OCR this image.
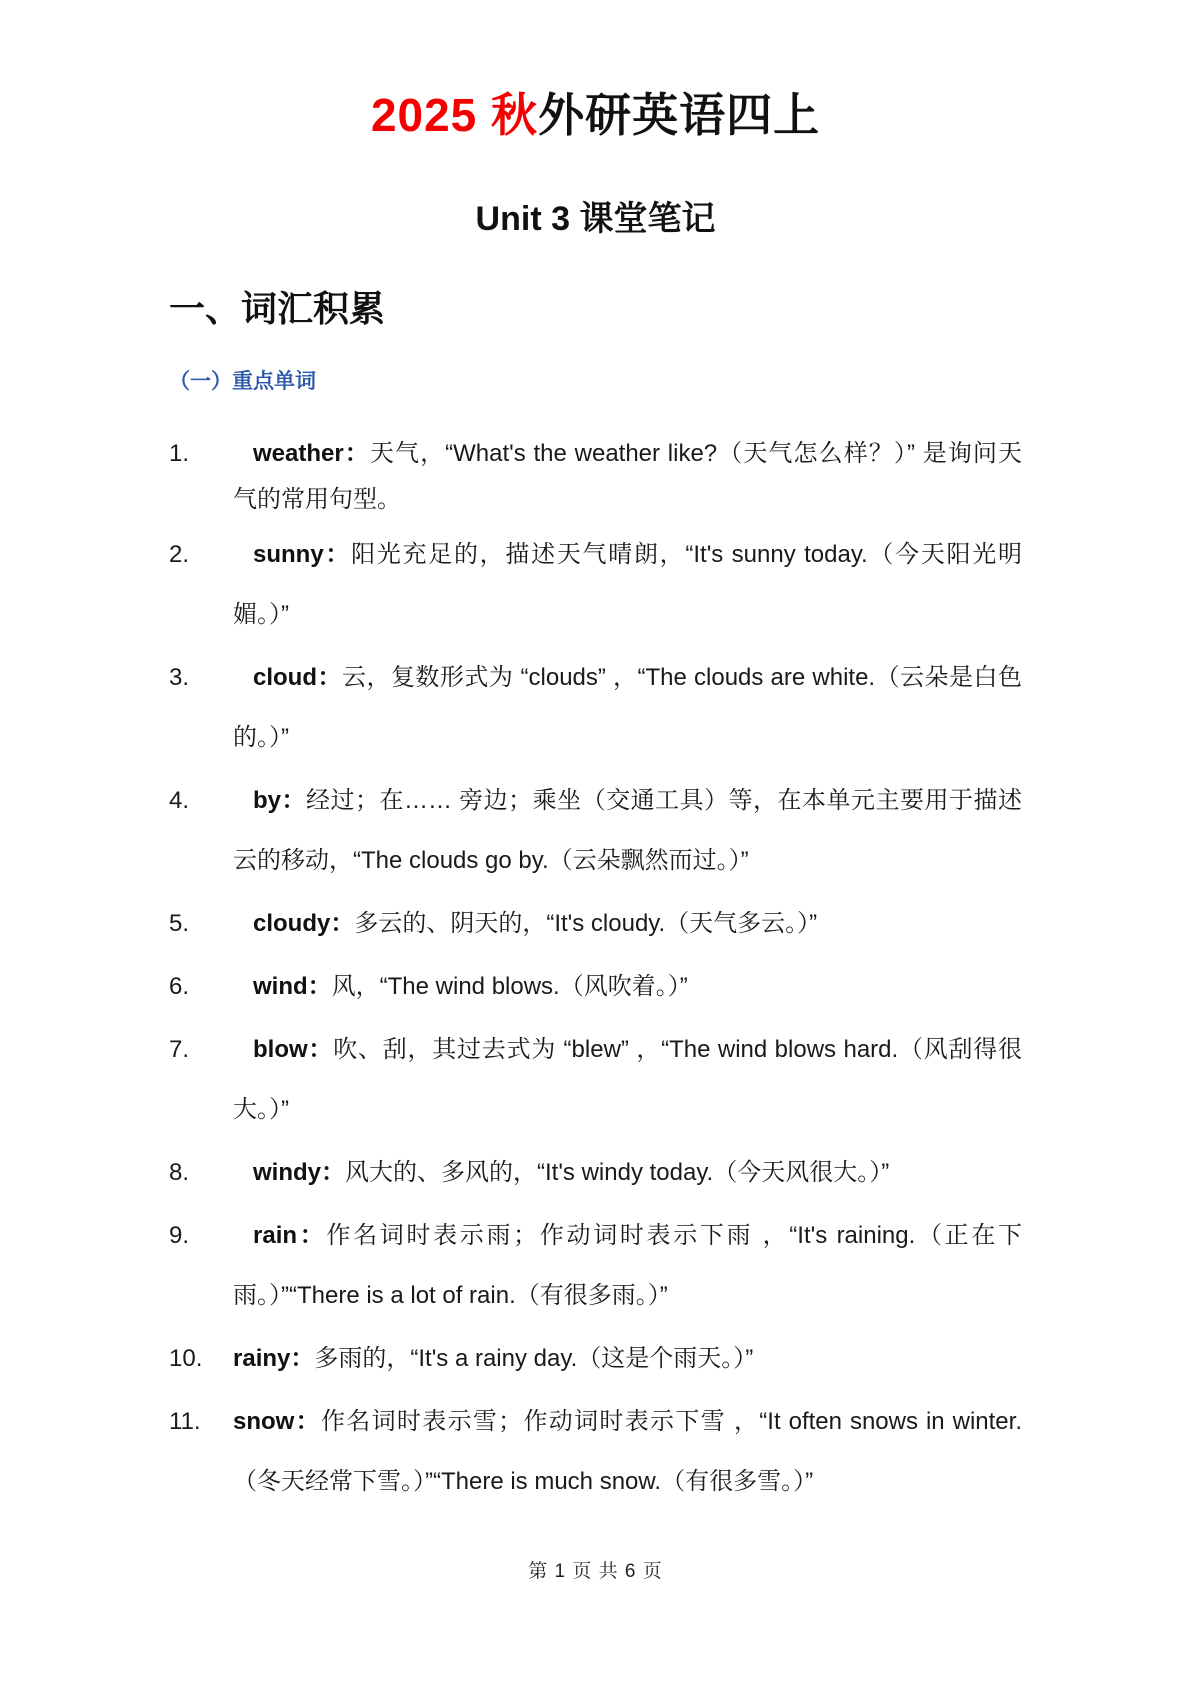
2025 秋外研英语四上
Unit 3 课堂笔记
一、词汇积累
（一）重点单词
1.	weather：天气，“What's the weather like?（天气怎么样？）” 是询问天气的常用句型。

2.	sunny：阳光充足的，描述天气晴朗，“It's sunny today.（今天阳光明媚。）”

3.	cloud：云，复数形式为 “clouds” ，“The clouds are white.（云朵是白色的。）”

4.	by：经过；在…… 旁边；乘坐（交通工具）等，在本单元主要用于描述云的移动，“The clouds go by.（云朵飘然而过。）”

5.	cloudy：多云的、阴天的，“It's cloudy.（天气多云。）”

6.	wind：风，“The wind blows.（风吹着。）”

7.	blow：吹、刮，其过去式为 “blew” ，“The wind blows hard.（风刮得很大。）”

8.	windy：风大的、多风的，“It's windy today.（今天风很大。）”

9.	rain：作名词时表示雨；作动词时表示下雨 ，“It's raining.（正在下雨。）”“There is a lot of rain.（有很多雨。）”

10.	rainy：多雨的，“It's a rainy day.（这是个雨天。）”

11.	snow：作名词时表示雪；作动词时表示下雪 ，“It often snows in winter.（冬天经常下雪。）”“There is much snow.（有很多雪。）”

第 1 页 共 6 页
